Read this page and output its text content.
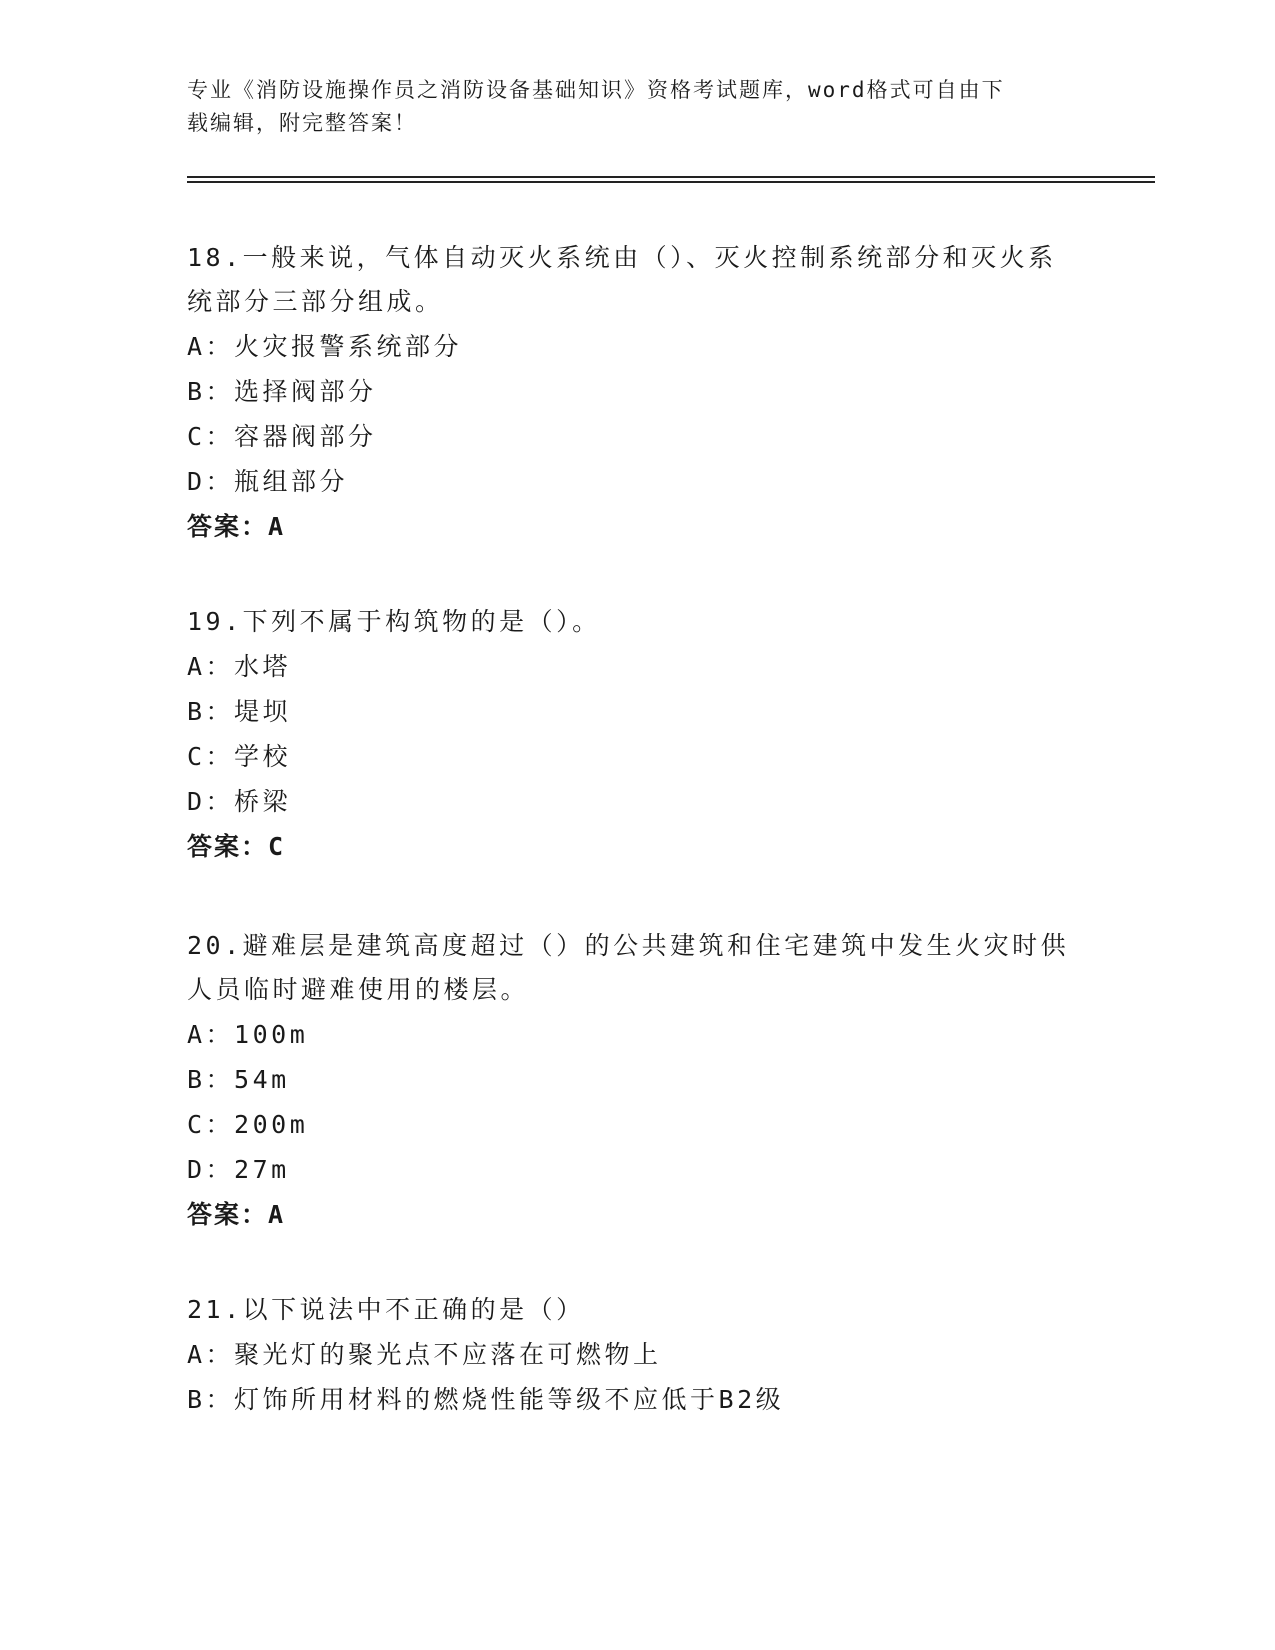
专业《消防设施操作员之消防设备基础知识》资格考试题库，word格式可自由下
载编辑，附完整答案！
18.一般来说，气体自动灭火系统由（）、灭火控制系统部分和灭火系
统部分三部分组成。
A：火灾报警系统部分
B：选择阀部分
C：容器阀部分
D：瓶组部分
答案：A
19.下列不属于构筑物的是（）。
A：水塔
B：堤坝
C：学校
D：桥梁
答案：C
20.避难层是建筑高度超过（）的公共建筑和住宅建筑中发生火灾时供
人员临时避难使用的楼层。
A：100m
B：54m
C：200m
D：27m
答案：A
21.以下说法中不正确的是（）
A：聚光灯的聚光点不应落在可燃物上
B：灯饰所用材料的燃烧性能等级不应低于B2级
